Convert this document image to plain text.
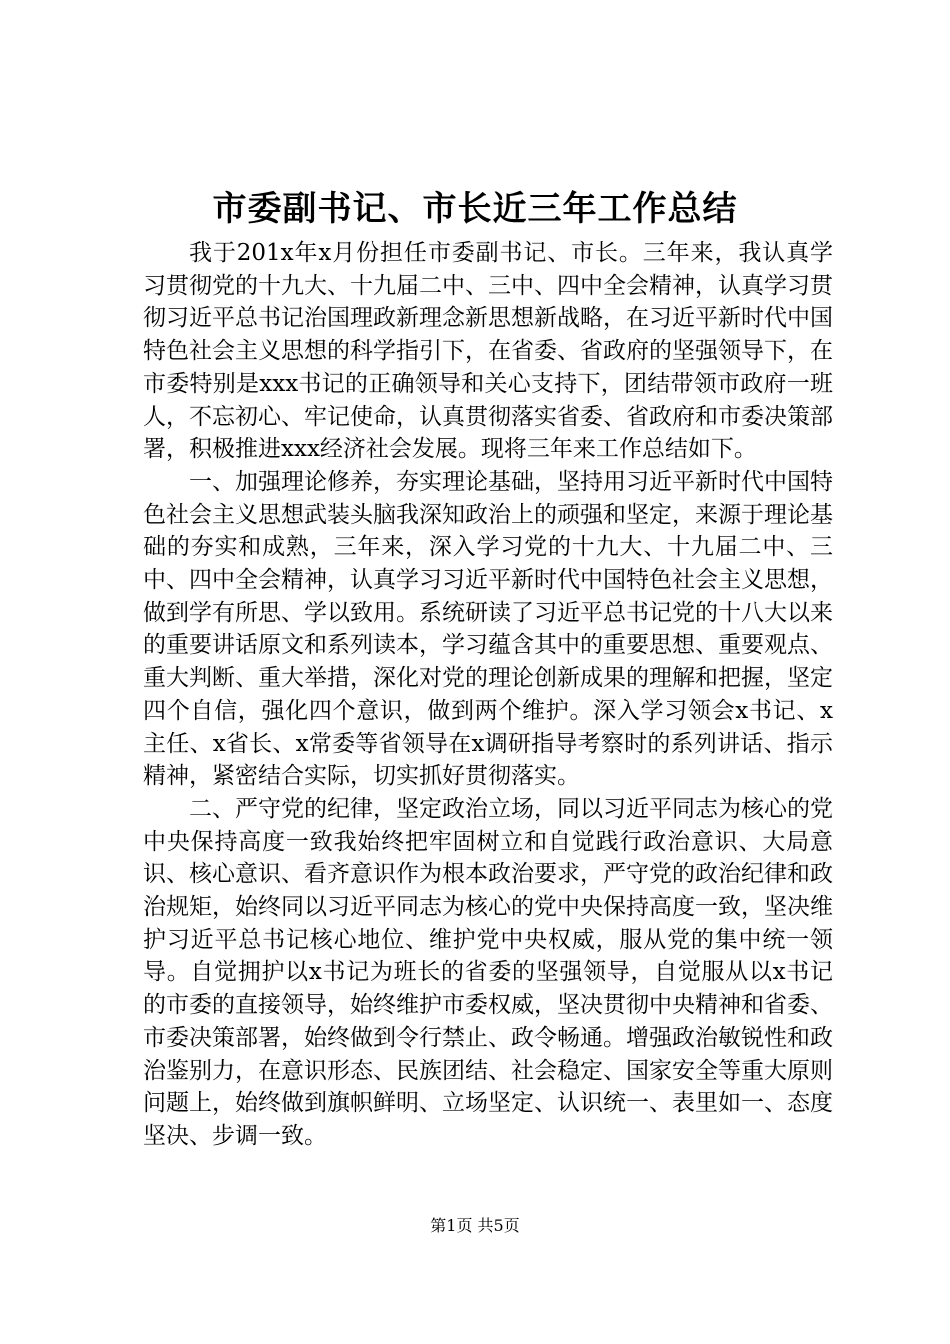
市委副书记、市长近三年工作总结

我于201x年x月份担任市委副书记、市长。三年来，我认真学习贯彻党的十九大、十九届二中、三中、四中全会精神，认真学习贯彻习近平总书记治国理政新理念新思想新战略，在习近平新时代中国特色社会主义思想的科学指引下，在省委、省政府的坚强领导下，在市委特别是xxx书记的正确领导和关心支持下，团结带领市政府一班人，不忘初心、牢记使命，认真贯彻落实省委、省政府和市委决策部署，积极推进xxx经济社会发展。现将三年来工作总结如下。

一、加强理论修养，夯实理论基础，坚持用习近平新时代中国特色社会主义思想武装头脑我深知政治上的顽强和坚定，来源于理论基础的夯实和成熟，三年来，深入学习党的十九大、十九届二中、三中、四中全会精神，认真学习习近平新时代中国特色社会主义思想，做到学有所思、学以致用。系统研读了习近平总书记党的十八大以来的重要讲话原文和系列读本，学习蕴含其中的重要思想、重要观点、重大判断、重大举措，深化对党的理论创新成果的理解和把握，坚定四个自信，强化四个意识，做到两个维护。深入学习领会x书记、x主任、x省长、x常委等省领导在x调研指导考察时的系列讲话、指示精神，紧密结合实际，切实抓好贯彻落实。

二、严守党的纪律，坚定政治立场，同以习近平同志为核心的党中央保持高度一致我始终把牢固树立和自觉践行政治意识、大局意识、核心意识、看齐意识作为根本政治要求，严守党的政治纪律和政治规矩，始终同以习近平同志为核心的党中央保持高度一致，坚决维护习近平总书记核心地位、维护党中央权威，服从党的集中统一领导。自觉拥护以x书记为班长的省委的坚强领导，自觉服从以x书记的市委的直接领导，始终维护市委权威，坚决贯彻中央精神和省委、市委决策部署，始终做到令行禁止、政令畅通。增强政治敏锐性和政治鉴别力，在意识形态、民族团结、社会稳定、国家安全等重大原则问题上，始终做到旗帜鲜明、立场坚定、认识统一、表里如一、态度坚决、步调一致。

第1页 共5页
